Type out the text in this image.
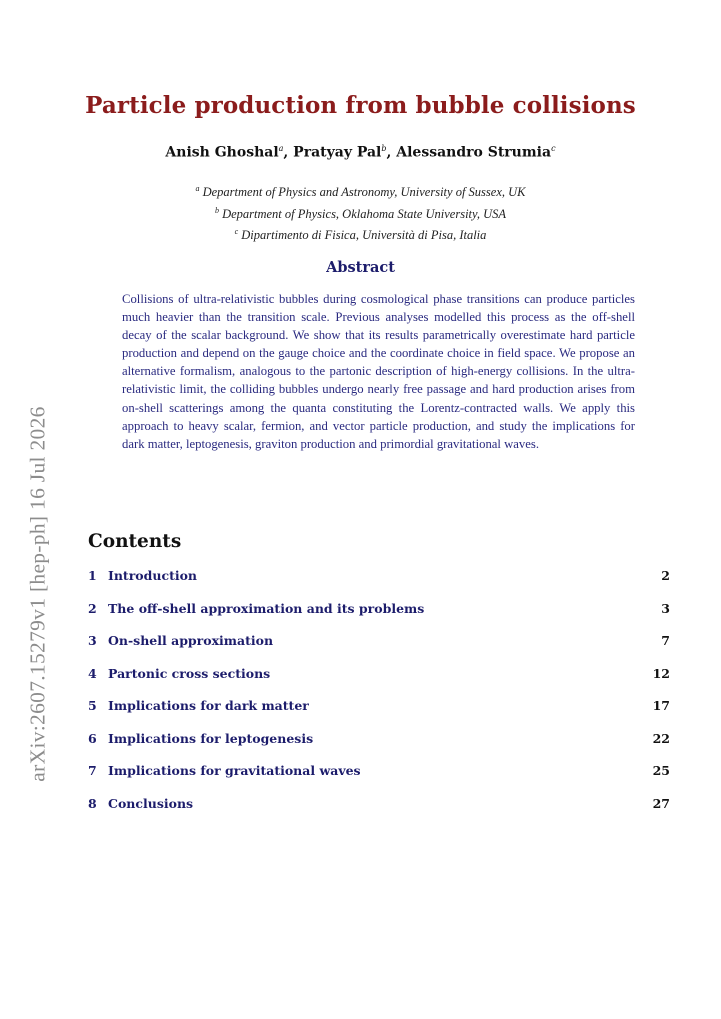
arXiv:2607.15279v1 [hep-ph] 16 Jul 2026
Particle production from bubble collisions
Anish Ghoshal$^a$, Pratyay Pal$^b$, Alessandro Strumia$^c$
$^a$ Department of Physics and Astronomy, University of Sussex, UK
$^b$ Department of Physics, Oklahoma State University, USA
$^c$ Dipartimento di Fisica, Università di Pisa, Italia
Abstract
Collisions of ultra-relativistic bubbles during cosmological phase transitions can produce particles much heavier than the transition scale. Previous analyses modelled this process as the off-shell decay of the scalar background. We show that its results parametrically overestimate hard particle production and depend on the gauge choice and the coordinate choice in field space. We propose an alternative formalism, analogous to the partonic description of high-energy collisions. In the ultra-relativistic limit, the colliding bubbles undergo nearly free passage and hard production arises from on-shell scatterings among the quanta constituting the Lorentz-contracted walls. We apply this approach to heavy scalar, fermion, and vector particle production, and study the implications for dark matter, leptogenesis, graviton production and primordial gravitational waves.
Contents
1 Introduction	2
2 The off-shell approximation and its problems	3
3 On-shell approximation	7
4 Partonic cross sections	12
5 Implications for dark matter	17
6 Implications for leptogenesis	22
7 Implications for gravitational waves	25
8 Conclusions	27
